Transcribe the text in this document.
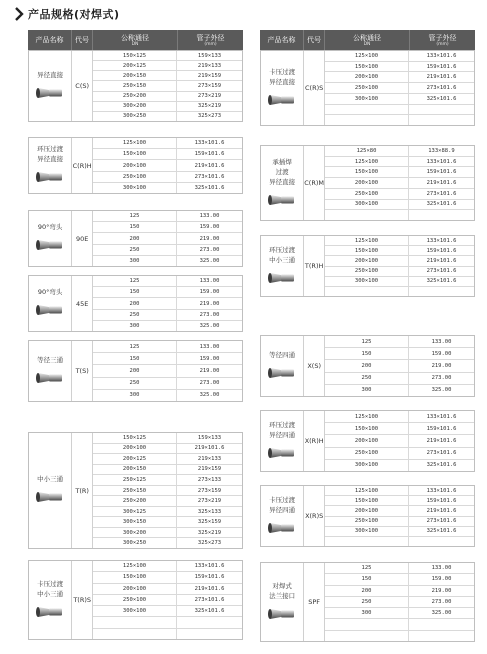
产品规格(对焊式)
产品名称 代号	公称通径
DN
管子外径
(mm)
异径直接
C(S)
150×125	159×133
200×125	219×133
200×150	219×159
250×150	273×159
250×200	273×219
300×200	325×219
300×250	325×273
环压过渡
异径直接
C(R)H
125×100	133×101.6
150×100	159×101.6
200×100	219×101.6
250×100	273×101.6
300×100	325×101.6
90°弯头
90E
125	133.00
150	159.00
200	219.00
250	273.00
300	325.00
90°弯头
45E
125	133.00
150	159.00
200	219.00
250	273.00
300	325.00
等径三通
T(S)
125	133.00
150	159.00
200	219.00
250	273.00
300	325.00
中小三通
T(R)
150×125	159×133
200×100	219×101.6
200×125	219×133
200×150	219×159
250×125	273×133
250×150	273×159
250×200	273×219
300×125	325×133
300×150	325×159
300×200	325×219
300×250	325×273
卡压过渡
中小三通
T(R)S
125×100	133×101.6
150×100	159×101.6
200×100	219×101.6
250×100	273×101.6
300×100	325×101.6
产品名称 代号	公称通径
DN
管子外径
(mm)
卡压过渡
异径直接
C(R)S
125×100	133×101.6
150×100	159×101.6
200×100	219×101.6
250×100	273×101.6
300×100	325×101.6
承插焊
过渡
异径直接 C(R)M
125×80	133×88.9
125×100	133×101.6
150×100	159×101.6
200×100	219×101.6
250×100	273×101.6
300×100	325×101.6
环压过渡
中小三通
T(R)H
125×100	133×101.6
150×100	159×101.6
200×100	219×101.6
250×100	273×101.6
300×100	325×101.6
等径四通
X(S)
125	133.00
150	159.00
200	219.00
250	273.00
300	325.00
环压过渡
异径四通
X(R)H
125×100	133×101.6
150×100	159×101.6
200×100	219×101.6
250×100	273×101.6
300×100	325×101.6
卡压过渡
异径四通
X(R)S
125×100	133×101.6
150×100	159×101.6
200×100	219×101.6
250×100	273×101.6
300×100	325×101.6
对焊式
法兰接口
SPF
125	133.00
150	159.00
200	219.00
250	273.00
300	325.00
